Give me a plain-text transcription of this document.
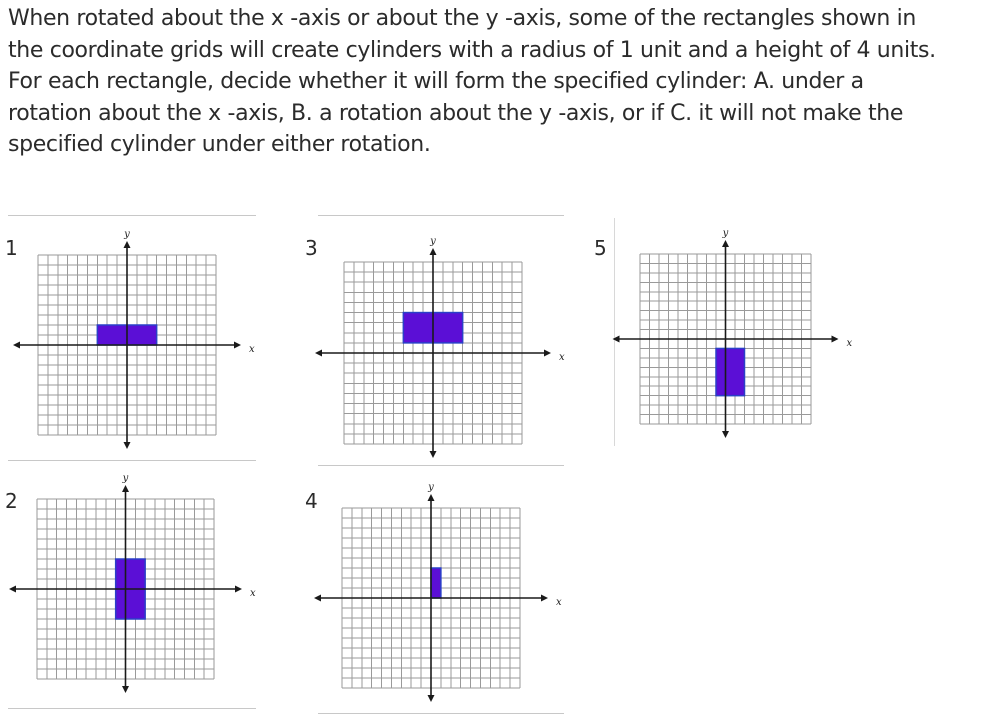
When rotated about the x -axis or about the y -axis, some of the rectangles shown in
the coordinate grids will create cylinders with a radius of 1 unit and a height of 4 units.
For each rectangle, decide whether it will form the specified cylinder: A. under a
rotation about the x -axis, B. a rotation about the y -axis, or if C. it will not make the
specified cylinder under either rotation.
1
2
3
4
5
x
y
x
y
x
y
x
y
x
y
